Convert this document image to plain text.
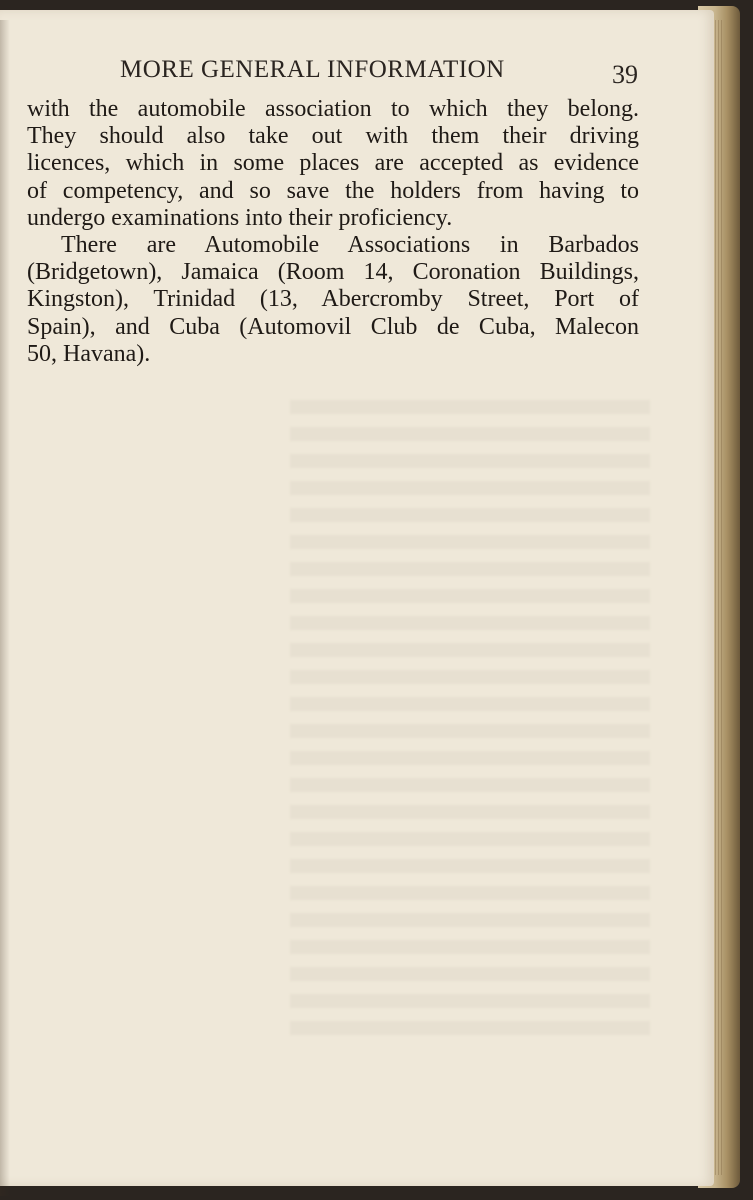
MORE GENERAL INFORMATION	39

with the automobile association to which they belong.
They should also take out with them their driving
licences, which in some places are accepted as evidence
of competency, and so save the holders from having to
undergo examinations into their proficiency.

There are Automobile Associations in Barbados
(Bridgetown), Jamaica (Room 14, Coronation Buildings,
Kingston), Trinidad (13, Abercromby Street, Port of
Spain), and Cuba (Automovil Club de Cuba, Malecon
50, Havana).
